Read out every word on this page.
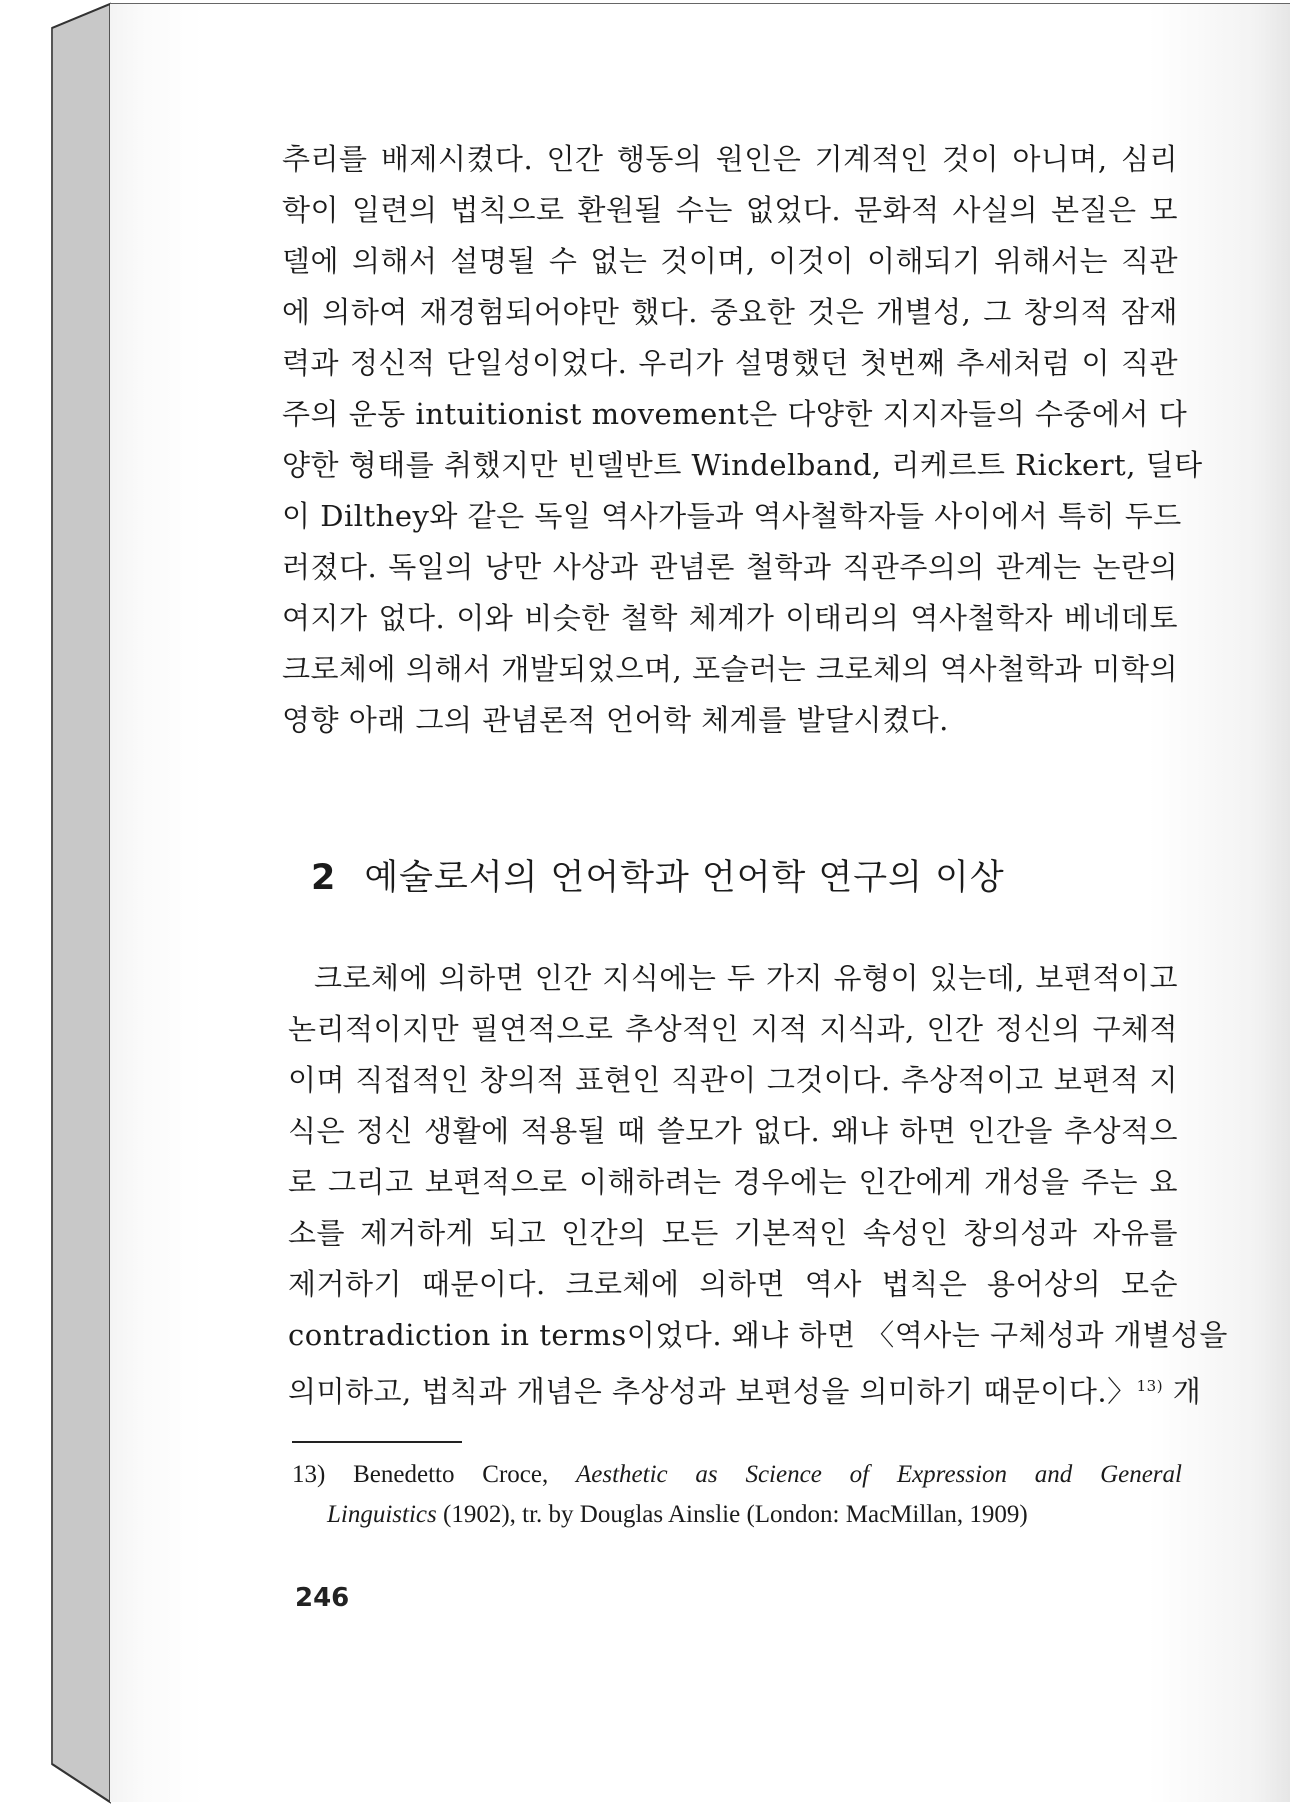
추리를 배제시켰다. 인간 행동의 원인은 기계적인 것이 아니며, 심리
학이 일련의 법칙으로 환원될 수는 없었다. 문화적 사실의 본질은 모
델에 의해서 설명될 수 없는 것이며, 이것이 이해되기 위해서는 직관
에 의하여 재경험되어야만 했다. 중요한 것은 개별성, 그 창의적 잠재
력과 정신적 단일성이었다. 우리가 설명했던 첫번째 추세처럼 이 직관
주의 운동 intuitionist movement은 다양한 지지자들의 수중에서 다
양한 형태를 취했지만 빈델반트 Windelband, 리케르트 Rickert, 딜타
이 Dilthey와 같은 독일 역사가들과 역사철학자들 사이에서 특히 두드
러졌다. 독일의 낭만 사상과 관념론 철학과 직관주의의 관계는 논란의
여지가 없다. 이와 비슷한 철학 체계가 이태리의 역사철학자 베네데토
크로체에 의해서 개발되었으며, 포슬러는 크로체의 역사철학과 미학의
영향 아래 그의 관념론적 언어학 체계를 발달시켰다.
2 예술로서의 언어학과 언어학 연구의 이상
크로체에 의하면 인간 지식에는 두 가지 유형이 있는데, 보편적이고
논리적이지만 필연적으로 추상적인 지적 지식과, 인간 정신의 구체적
이며 직접적인 창의적 표현인 직관이 그것이다. 추상적이고 보편적 지
식은 정신 생활에 적용될 때 쓸모가 없다. 왜냐 하면 인간을 추상적으
로 그리고 보편적으로 이해하려는 경우에는 인간에게 개성을 주는 요
소를 제거하게 되고 인간의 모든 기본적인 속성인 창의성과 자유를
제거하기 때문이다. 크로체에 의하면 역사 법칙은 용어상의 모순
contradiction in terms이었다. 왜냐 하면 〈역사는 구체성과 개별성을
의미하고, 법칙과 개념은 추상성과 보편성을 의미하기 때문이다.〉$^{13)}$ 개
13) Benedetto Croce, Aesthetic as Science of Expression and General
Linguistics (1902), tr. by Douglas Ainslie (London: MacMillan, 1909)
246
